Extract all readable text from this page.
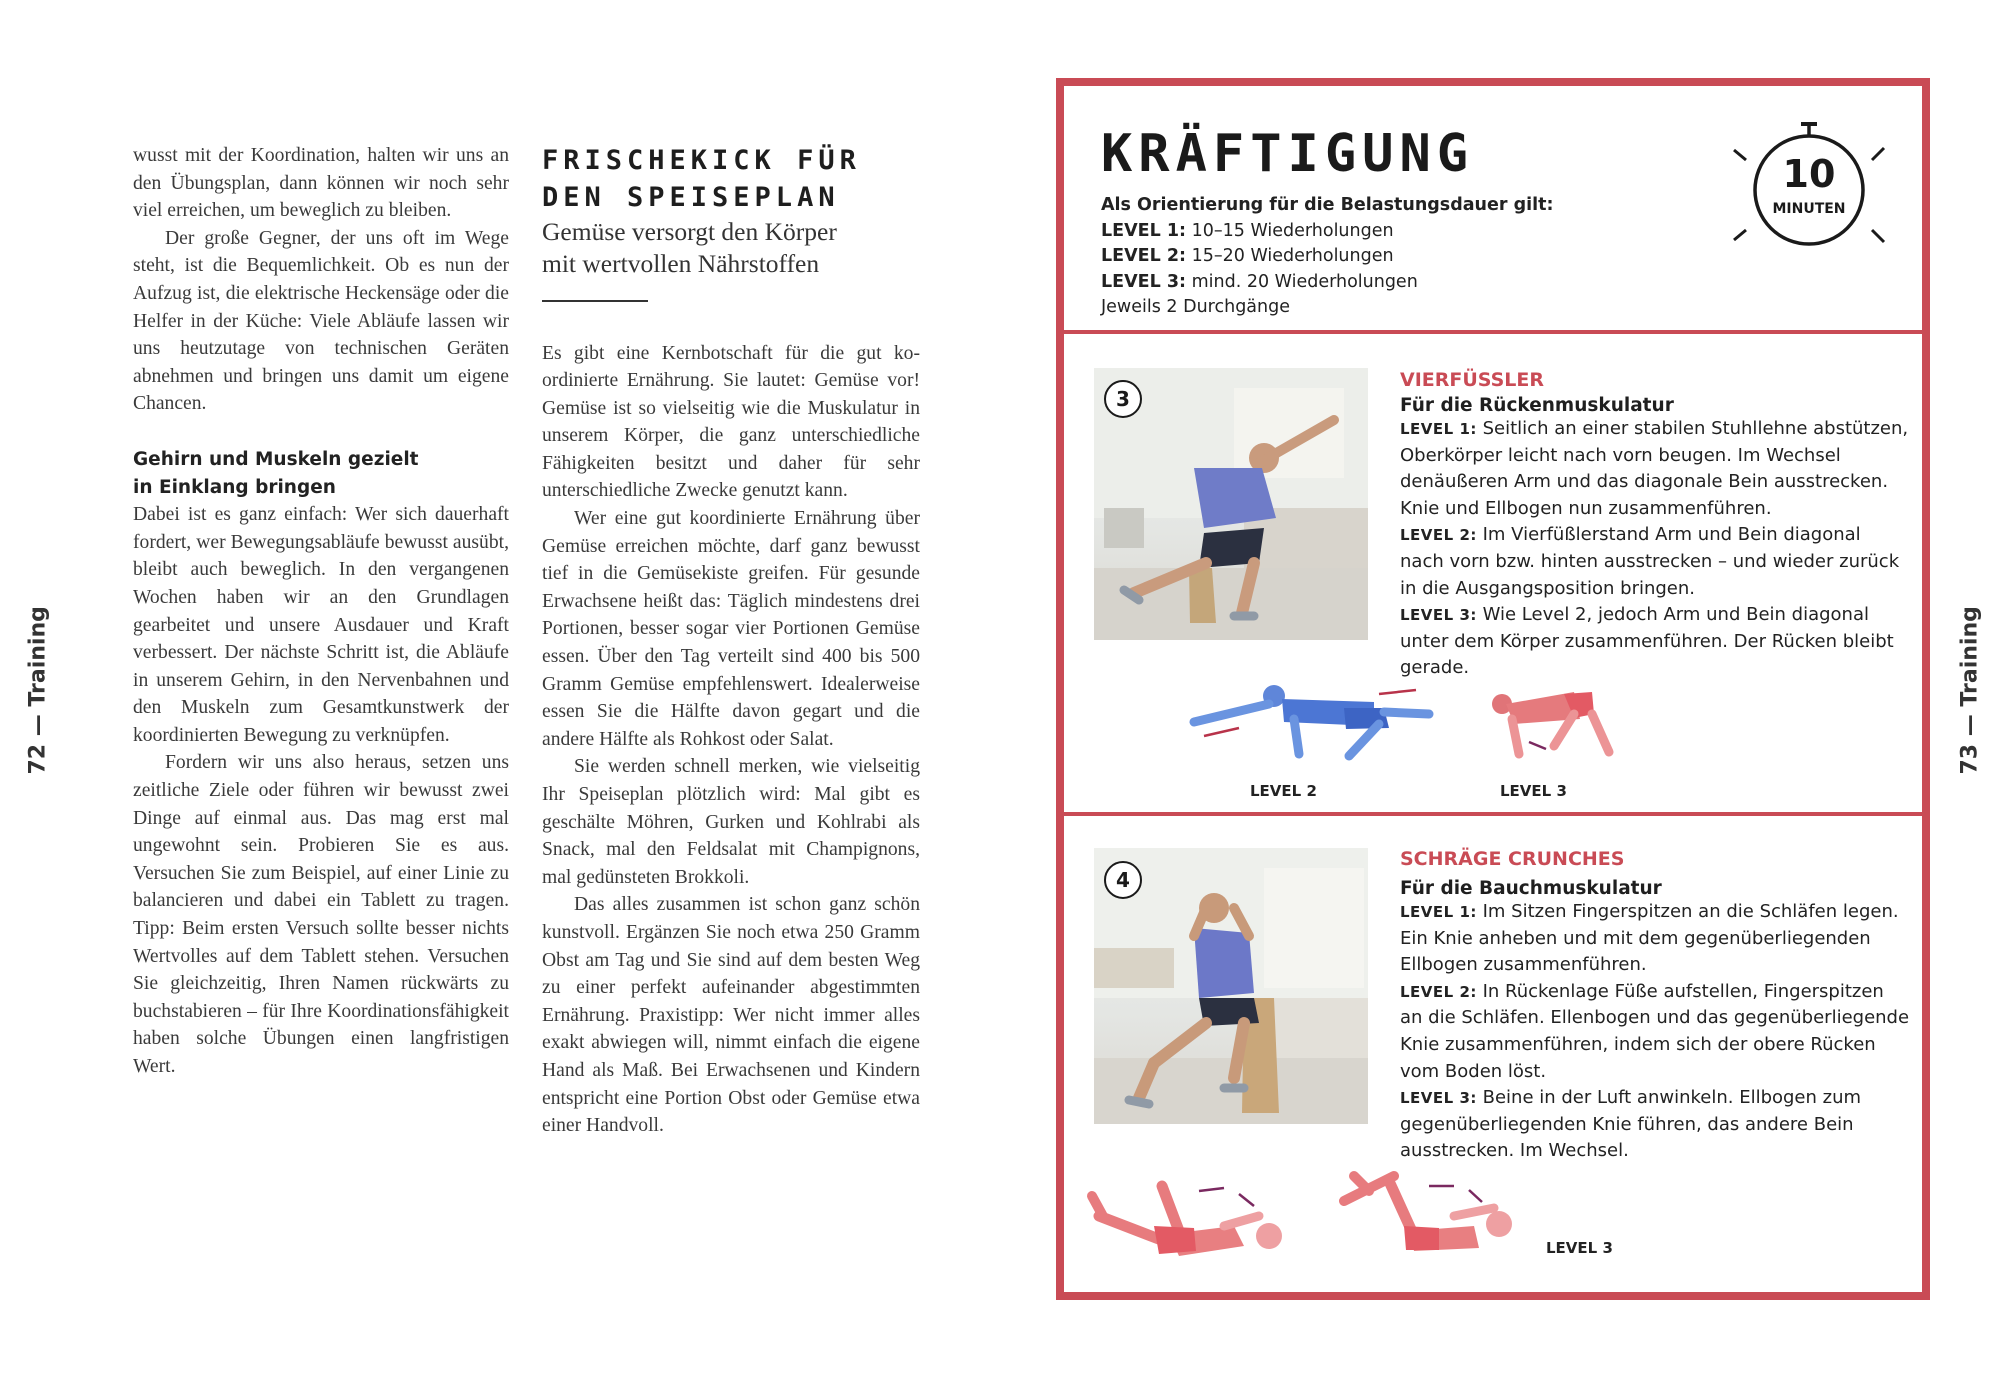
72 — Training

wusst mit der Koordination, halten wir uns an den Übungsplan, dann können wir noch sehr viel erreichen, um beweglich zu bleiben.

Der große Gegner, der uns oft im Wege steht, ist die Bequemlichkeit. Ob es nun der Aufzug ist, die elektrische Heckensäge oder die Helfer in der Küche: Viele Abläufe lassen wir uns heutzutage von technischen Geräten abnehmen und bringen uns damit um eigene Chancen.

Gehirn und Muskeln gezielt
in Einklang bringen

Dabei ist es ganz einfach: Wer sich dauerhaft fordert, wer Bewegungsabläufe bewusst ausübt, bleibt auch beweglich. In den vergangenen Wochen haben wir an den Grundlagen gearbeitet und unsere Ausdauer und Kraft verbessert. Der nächste Schritt ist, die Abläufe in unserem Gehirn, in den Nervenbahnen und den Muskeln zum Gesamtkunstwerk der koordinierten Bewegung zu verknüpfen.

Fordern wir uns also heraus, setzen uns zeitliche Ziele oder führen wir bewusst zwei Dinge auf einmal aus. Das mag erst mal ungewohnt sein. Probieren Sie es aus. Versuchen Sie zum Beispiel, auf einer Linie zu balancieren und dabei ein Tablett zu tragen. Tipp: Beim ersten Versuch sollte besser nichts Wertvolles auf dem Tablett stehen. Versuchen Sie gleichzeitig, Ihren Namen rückwärts zu buchstabieren – für Ihre Koordinationsfähigkeit haben solche Übungen einen langfristigen Wert.

FRISCHEKICK FÜR
DEN SPEISEPLAN
Gemüse versorgt den Körper
mit wertvollen Nährstoffen

Es gibt eine Kernbotschaft für die gut koordinierte Ernährung. Sie lautet: Gemüse vor! Gemüse ist so vielseitig wie die Muskulatur in unserem Körper, die ganz unterschiedliche Fähigkeiten besitzt und daher für sehr unterschiedliche Zwecke genutzt kann.

Wer eine gut koordinierte Ernährung über Gemüse erreichen möchte, darf ganz bewusst tief in die Gemüsekiste greifen. Für gesunde Erwachsene heißt das: Täglich mindestens drei Portionen, besser sogar vier Portionen Gemüse essen. Über den Tag verteilt sind 400 bis 500 Gramm Gemüse empfehlenswert. Idealerweise essen Sie die Hälfte davon gegart und die andere Hälfte als Rohkost oder Salat.

Sie werden schnell merken, wie vielseitig Ihr Speiseplan plötzlich wird: Mal gibt es geschälte Möhren, Gurken und Kohlrabi als Snack, mal den Feldsalat mit Champignons, mal gedünsteten Brokkoli.

Das alles zusammen ist schon ganz schön kunstvoll. Ergänzen Sie noch etwa 250 Gramm Obst am Tag und Sie sind auf dem besten Weg zu einer perfekt aufeinander abgestimmten Ernährung. Praxistipp: Wer nicht immer alles exakt abwiegen will, nimmt einfach die eigene Hand als Maß. Bei Erwachsenen und Kindern entspricht eine Portion Obst oder Gemüse etwa einer Handvoll.

73 — Training
KRÄFTIGUNG
Als Orientierung für die Belastungsdauer gilt:
LEVEL 1: 10–15 Wiederholungen
LEVEL 2: 15–20 Wiederholungen
LEVEL 3: mind. 20 Wiederholungen
Jeweils 2 Durchgänge
10
MINUTEN
3
VIERFÜSSLER
Für die Rückenmuskulatur

LEVEL 1: Seitlich an einer stabilen Stuhllehne abstützen, Oberkörper leicht nach vorn beugen. Im Wechsel denäußeren Arm und das diagonale Bein ausstrecken. Knie und Ellbogen nun zusammenführen.

LEVEL 2: Im Vierfüßlerstand Arm und Bein diagonal nach vorn bzw. hinten ausstrecken – und wieder zurück in die Ausgangsposition bringen.

LEVEL 3: Wie Level 2, jedoch Arm und Bein diagonal unter dem Körper zusammenführen. Der Rücken bleibt gerade.

LEVEL 2	LEVEL 3
4
SCHRÄGE CRUNCHES
Für die Bauchmuskulatur

LEVEL 1: Im Sitzen Fingerspitzen an die Schläfen legen. Ein Knie anheben und mit dem gegenüberliegenden Ellbogen zusammenführen.

LEVEL 2: In Rückenlage Füße aufstellen, Fingerspitzen an die Schläfen. Ellenbogen und das gegenüberliegende Knie zusammenführen, indem sich der obere Rücken vom Boden löst.

LEVEL 3: Beine in der Luft anwinkeln. Ellbogen zum gegenüberliegenden Knie führen, das andere Bein ausstrecken. Im Wechsel.

LEVEL 3
